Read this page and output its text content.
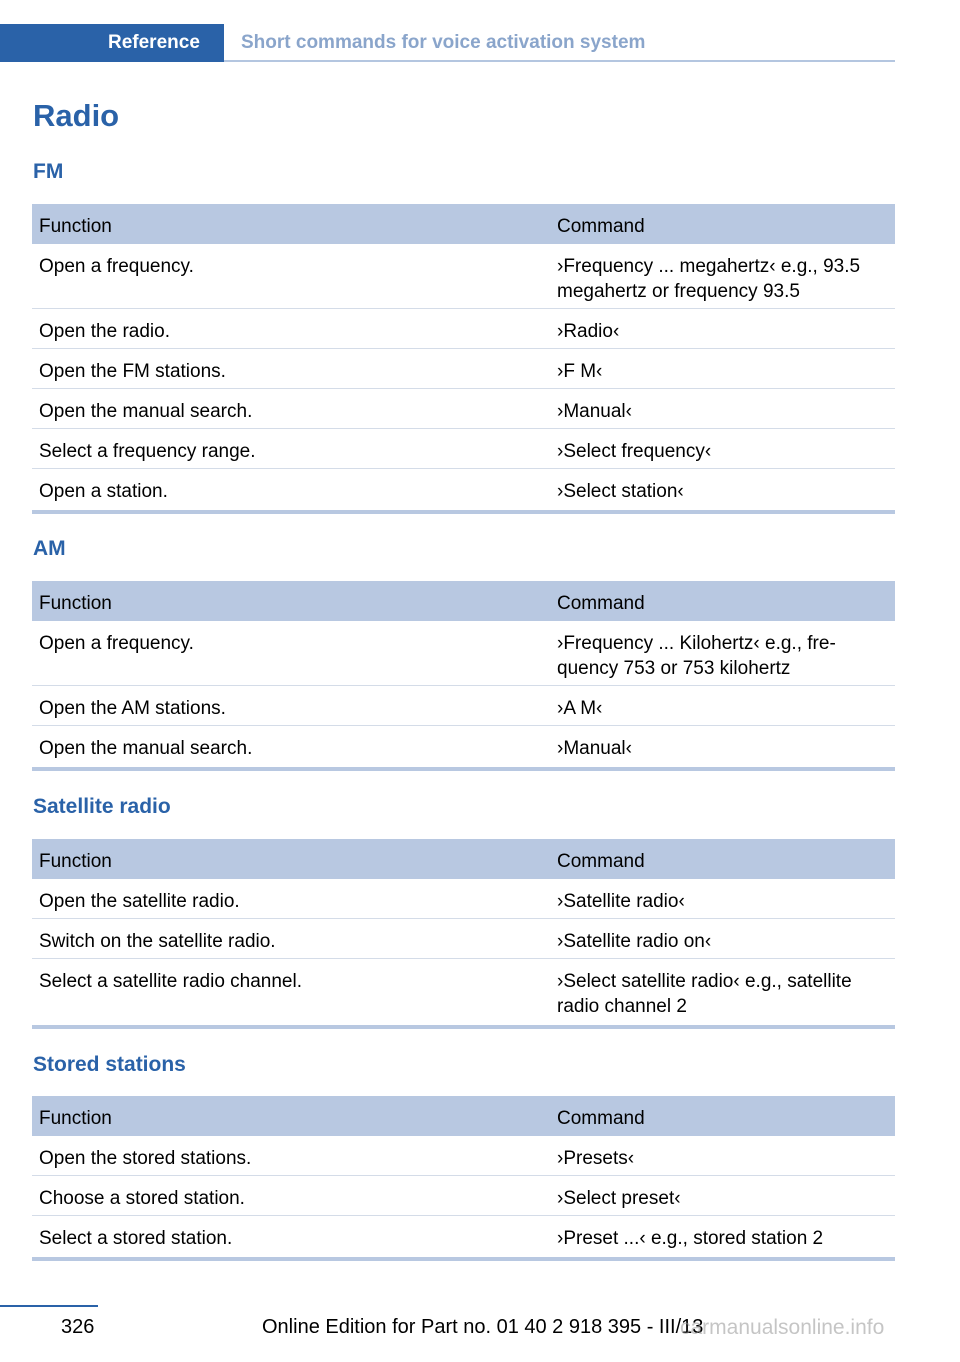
Reference	Short commands for voice activation system
Radio
FM
Function	Command
Open a frequency.	›Frequency ... megahertz‹ e.g., 93.5 megahertz or frequency 93.5
Open the radio.	›Radio‹
Open the FM stations.	›F M‹
Open the manual search.	›Manual‹
Select a frequency range.	›Select frequency‹
Open a station.	›Select station‹
AM
Function	Command
Open a frequency.	›Frequency ... Kilohertz‹ e.g., fre-quency 753 or 753 kilohertz
Open the AM stations.	›A M‹
Open the manual search.	›Manual‹
Satellite radio
Function	Command
Open the satellite radio.	›Satellite radio‹
Switch on the satellite radio.	›Satellite radio on‹
Select a satellite radio channel.	›Select satellite radio‹ e.g., satellite radio channel 2
Stored stations
Function	Command
Open the stored stations.	›Presets‹
Choose a stored station.	›Select preset‹
Select a stored station.	›Preset ...‹ e.g., stored station 2
326	Online Edition for Part no. 01 40 2 918 395 - III/13
carmanualsonline.info
